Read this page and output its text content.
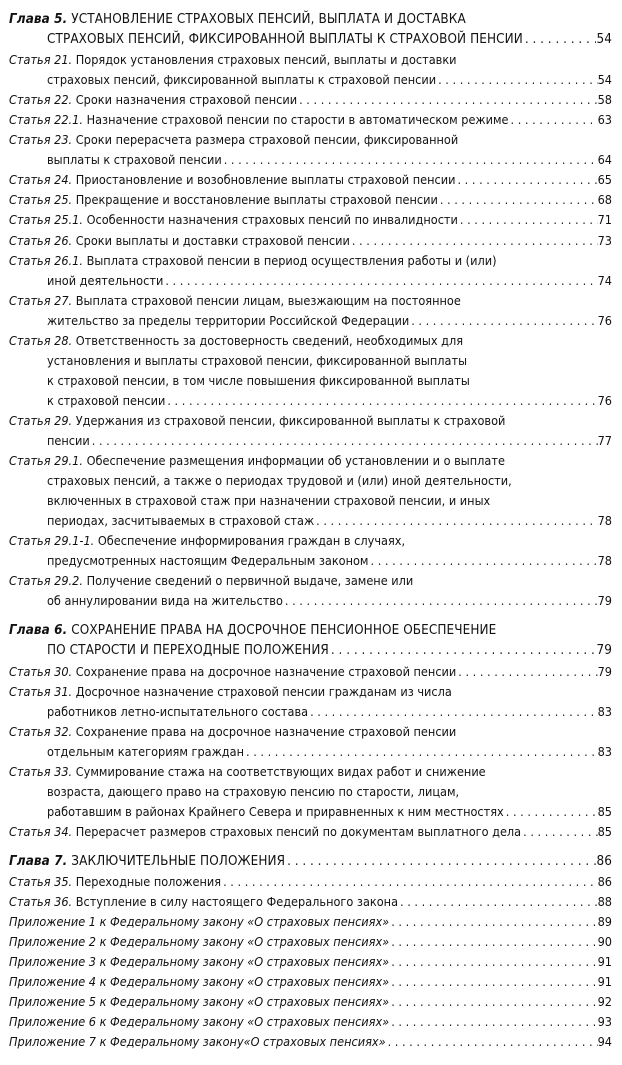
Глава 5. УСТАНОВЛЕНИЕ СТРАХОВЫХ ПЕНСИЙ, ВЫПЛАТА И ДОСТАВКА
СТРАХОВЫХ ПЕНСИЙ, ФИКСИРОВАННОЙ ВЫПЛАТЫ К СТРАХОВОЙ ПЕНСИИ . . .	54
Статья 21. Порядок установления страховых пенсий, выплаты и доставки
страховых пенсий, фиксированной выплаты к страховой пенсии . . .	54
Статья 22. Сроки назначения страховой пенсии . . .	58
Статья 22.1. Назначение страховой пенсии по старости в автоматическом режиме . . .	63
Статья 23. Сроки перерасчета размера страховой пенсии, фиксированной
выплаты к страховой пенсии . . .	64
Статья 24. Приостановление и возобновление выплаты страховой пенсии . . .	65
Статья 25. Прекращение и восстановление выплаты страховой пенсии . . .	68
Статья 25.1. Особенности назначения страховых пенсий по инвалидности . . .	71
Статья 26. Сроки выплаты и доставки страховой пенсии . . .	73
Статья 26.1. Выплата страховой пенсии в период осуществления работы и (или)
иной деятельности . . .	74
Статья 27. Выплата страховой пенсии лицам, выезжающим на постоянное
жительство за пределы территории Российской Федерации . . .	76
Статья 28. Ответственность за достоверность сведений, необходимых для
установления и выплаты страховой пенсии, фиксированной выплаты
к страховой пенсии, в том числе повышения фиксированной выплаты
к страховой пенсии . . .	76
Статья 29. Удержания из страховой пенсии, фиксированной выплаты к страховой
пенсии . . .	77
Статья 29.1. Обеспечение размещения информации об установлении и о выплате
страховых пенсий, а также о периодах трудовой и (или) иной деятельности,
включенных в страховой стаж при назначении страховой пенсии, и иных
периодах, засчитываемых в страховой стаж . . .	78
Статья 29.1-1. Обеспечение информирования граждан в случаях,
предусмотренных настоящим Федеральным законом . . .	78
Статья 29.2. Получение сведений о первичной выдаче, замене или
об аннулировании вида на жительство . . .	79
Глава 6. СОХРАНЕНИЕ ПРАВА НА ДОСРОЧНОЕ ПЕНСИОННОЕ ОБЕСПЕЧЕНИЕ
ПО СТАРОСТИ И ПЕРЕХОДНЫЕ ПОЛОЖЕНИЯ . . .	79
Статья 30. Сохранение права на досрочное назначение страховой пенсии . . .	79
Статья 31. Досрочное назначение страховой пенсии гражданам из числа
работников летно-испытательного состава . . .	83
Статья 32. Сохранение права на досрочное назначение страховой пенсии
отдельным категориям граждан . . .	83
Статья 33. Суммирование стажа на соответствующих видах работ и снижение
возраста, дающего право на страховую пенсию по старости, лицам,
работавшим в районах Крайнего Севера и приравненных к ним местностях . . .	85
Статья 34. Перерасчет размеров страховых пенсий по документам выплатного дела . . .	85
Глава 7. ЗАКЛЮЧИТЕЛЬНЫЕ ПОЛОЖЕНИЯ . . .	86
Статья 35. Переходные положения . . .	86
Статья 36. Вступление в силу настоящего Федерального закона . . .	88
Приложение 1 к Федеральному закону «О страховых пенсиях» . . .	89
Приложение 2 к Федеральному закону «О страховых пенсиях» . . .	90
Приложение 3 к Федеральному закону «О страховых пенсиях» . . .	91
Приложение 4 к Федеральному закону «О страховых пенсиях» . . .	91
Приложение 5 к Федеральному закону «О страховых пенсиях» . . .	92
Приложение 6 к Федеральному закону «О страховых пенсиях» . . .	93
Приложение 7 к Федеральному закону«О страховых пенсиях» . . .	94
